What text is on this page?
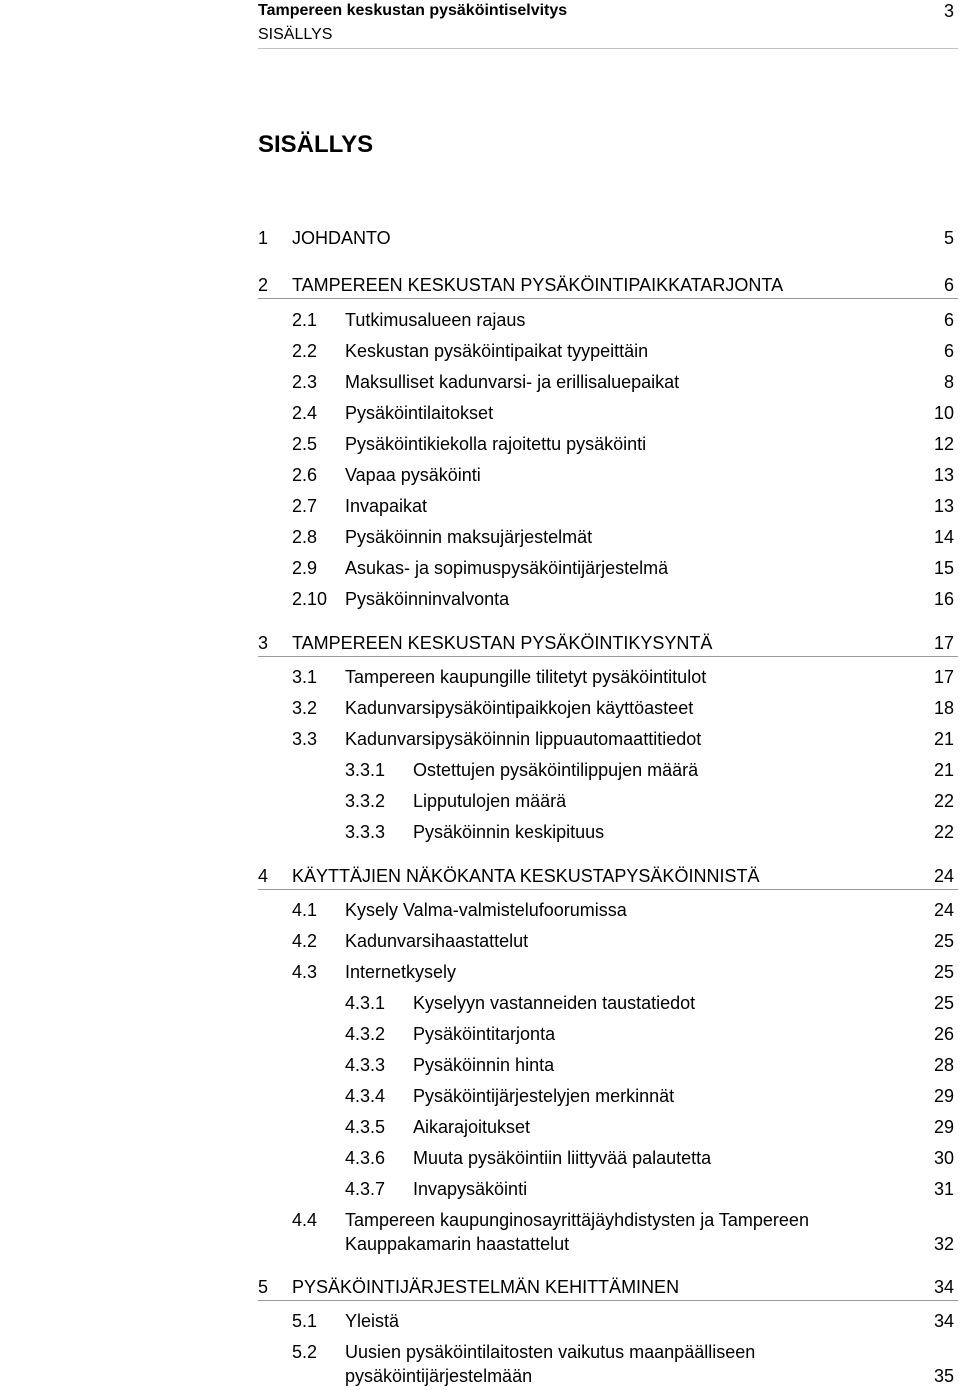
Tampereen keskustan pysäköintiselvitys	3
SISÄLLYS
SISÄLLYS
1 JOHDANTO	5
2 TAMPEREEN KESKUSTAN PYSÄKÖINTIPAIKKATARJONTA	6
2.1 Tutkimusalueen rajaus	6
2.2 Keskustan pysäköintipaikat tyypeittäin	6
2.3 Maksulliset kadunvarsi- ja erillisaluepaikat	8
2.4 Pysäköintilaitokset	10
2.5 Pysäköintikiekolla rajoitettu pysäköinti	12
2.6 Vapaa pysäköinti	13
2.7 Invapaikat	13
2.8 Pysäköinnin maksujärjestelmät	14
2.9 Asukas- ja sopimuspysäköintijärjestelmä	15
2.10 Pysäköinninvalvonta	16
3 TAMPEREEN KESKUSTAN PYSÄKÖINTIKYSYNTÄ	17
3.1 Tampereen kaupungille tilitetyt pysäköintitulot	17
3.2 Kadunvarsipysäköintipaikkojen käyttöasteet	18
3.3 Kadunvarsipysäköinnin lippuautomaattitiedot	21
3.3.1 Ostettujen pysäköintilippujen määrä	21
3.3.2 Lipputulojen määrä	22
3.3.3 Pysäköinnin keskipituus	22
4 KÄYTTÄJIEN NÄKÖKANTA KESKUSTAPYSÄKÖINNISTÄ	24
4.1 Kysely Valma-valmistelufoorumissa	24
4.2 Kadunvarsihaastattelut	25
4.3 Internetkysely	25
4.3.1 Kyselyyn vastanneiden taustatiedot	25
4.3.2 Pysäköintitarjonta	26
4.3.3 Pysäköinnin hinta	28
4.3.4 Pysäköintijärjestelyjen merkinnät	29
4.3.5 Aikarajoitukset	29
4.3.6 Muuta pysäköintiin liittyvää palautetta	30
4.3.7 Invapysäköinti	31
4.4 Tampereen kaupunginosayrittäjäyhdistysten ja Tampereen
Kauppakamarin haastattelut	32
5 PYSÄKÖINTIJÄRJESTELMÄN KEHITTÄMINEN	34
5.1 Yleistä	34
5.2 Uusien pysäköintilaitosten vaikutus maanpäälliseen
pysäköintijärjestelmään	35
